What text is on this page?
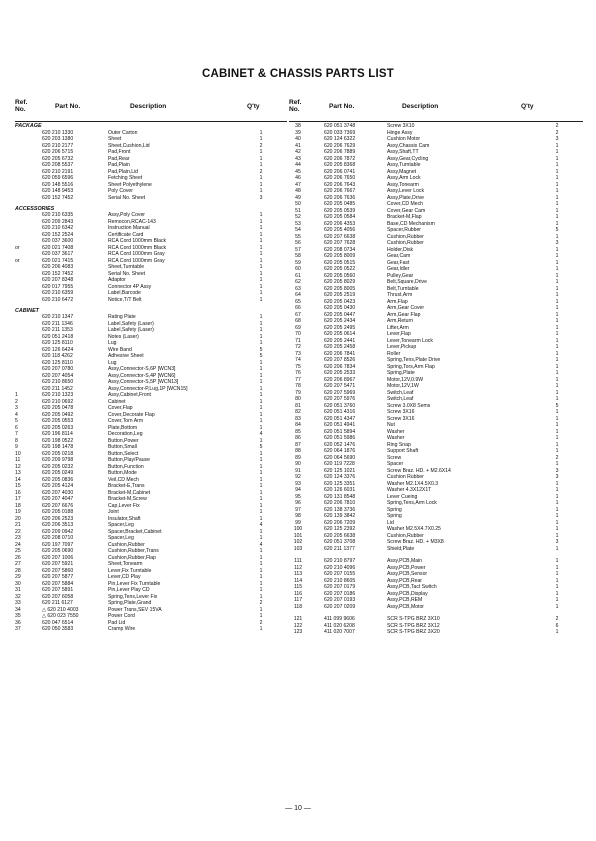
CABINET & CHASSIS PARTS LIST
Ref. No.	Part No.	Description	Q'ty
PACKAGE
620 210 1330	Outer Carton	1
620 203 1380	Sheet	1
620 210 2177	Sheet,Cushion,Lid	2
620 206 5715	Pad,Front	1
620 205 6732	Pad,Rear	1
620 208 5537	Pad,Plain	1
620 210 2191	Pad,Plain,Lid	2
620 059 6596	Fetching Sheet	1
620 148 5516	Sheet Polyethylene	1
620 148 9453	Poly Cover	1
620 152 7452	Serial No. Sheet	3
ACCESSORIES
620 210 6335	Assy,Poly Cover	1
620 209 2843	Remocon,RCAC-143	1
620 210 6342	Instruction Manual	1
620 152 2524	Certificate Card	1
620 037 3600	RCA Cord 1000mm Black	1
or	620 021 7408	RCA Cord 1000mm Black	1
620 037 3617	RCA Cord 1000mm Gray	1
or	620 021 7415	RCA Cord 1000mm Gray	1
620 206 4083	Sheet,Turntable	1
620 152 7452	Serial No. Sheet	1
620 207 8348	Adaptor	1
620 017 7955	Connector 4P Assy	1
620 210 6359	Label,Barcode	1
620 210 6472	Notice,T/T Belt	1
CABINET
620 210 1347	Rating Plate	1
620 211 1346	Label,Safety (Laser)	1
620 211 1353	Label,Safety (Laser)	1
620 051 2418	Notes (Laser)	1
620 125 8110	Lug	1
620 126 6424	Wire Band	5
620 118 4262	Adhesive Sheet	5
620 125 8110	Lug	1
620 207 0780	Assy,Connector-S,6P [WCN3]	1
620 207 4054	Assy,Connector-S,4P [WCN6]	1
620 210 8650	Assy,Connector-S,5P [WCN13]	1
620 211 1452	Assy,Connector-P,Lug,1P [WCN15]	1
1	620 210 1323	Assy,Cabinet,Front	1
2	620 210 0692	Cabinet	1
3	620 205 0478	Cover,Flap	1
4	620 205 0492	Cover,Decorate Flap	1
5	620 205 0553	Cover,Torn Arm	1
6	620 205 0263	Plate,Bottom	1
7	620 196 8114	Decoration,Leg	4
8	620 198 0522	Button,Power	1
9	620 198 1478	Button,Small	5
10	620 205 0218	Button,Select	1
11	620 209 9798	Button,Play/Pause	1
12	620 205 0232	Button,Function	1
13	620 205 0249	Button,Mode	1
14	620 205 0836	Veil,CD Mech	1
15	620 205 4124	Bracket-E,Trans	1
16	620 207 4030	Bracket-M,Cabinet	1
17	620 207 4047	Bracket-M,Screw	1
18	620 207 6676	Cap,Lever Fix	1
19	620 205 0188	Joint	1
20	620 206 2523	Insulator,Shaft	1
21	620 206 3513	Spacer,Leg	4
22	620 209 0942	Spacer,Bracket,Cabinet	1
23	620 208 0710	Spacer,Leg	1
24	620 197 7097	Cushion,Rubber	4
25	620 205 0690	Cushion,Rubber,Trans	1
26	620 207 1006	Cushion,Rubber,Flap	1
27	620 207 5921	Sheet,Tonearm	1
28	620 207 5860	Lever,Fix Turntable	1
29	620 207 5877	Lever,CD Play	1
30	620 207 5884	Pin,Lever Fix Turntable	1
31	620 207 5891	Pin,Lever Play CD	1
32	620 207 6058	Spring,Tens,Lever Fix	1
33	620 211 6127	Spring,Plate,Grand	2
34	△ 620 210 4003	Power Trans,SEV 15VA	1
35	△ 620 023 7550	Power Cord	1
36	620 047 6514	Pad Lid	2
37	620 050 3583	Cramp Wire	1
Ref. No.	Part No.	Description	Q'ty
38	620 051 3748	Screw 3X10	2
39	620 033 7369	Hinge Assy	2
40	620 124 6322	Cushion Motor	3
41	620 206 7629	Assy,Chassis Cam	1
42	620 206 7889	Assy,Shaft,TT	1
43	620 206 7872	Assy,Gear,Cycling	1
44	620 205 8368	Assy,Turntable	1
45	620 206 0741	Assy,Magnet	1
46	620 206 7650	Assy,Arm Lock	1
47	620 206 7643	Assy,Tonearm	1
48	620 206 7667	Assy,Lever Lock	1
49	620 206 7636	Assy,Plate,Drive	1
50	620 205 0485	Cover,CD Mech	1
51	620 205 0539	Cover,Gear Cam	1
52	620 205 0584	Bracket-M,Flap	1
53	620 206 4353	Base,CD Mechanism	1
54	620 205 4056	Spacer,Rubber	5
55	620 207 6638	Cushion,Rubber	1
56	620 207 7628	Cushion,Rubber	3
57	620 208 0734	Holder,Disk	1
58	620 205 8009	Gear,Cam	1
59	620 205 0515	Gear,Fast	1
60	620 205 0522	Gear,Idler	1
61	620 205 0560	Pulley,Gear	1
62	620 205 8029	Belt,Square,Drive	1
63	620 205 8005	Belt,Turntable	1
64	620 205 2519	Thrust,Arm	1
65	620 205 0423	Arm,Flap	1
66	620 205 0430	Arm,Gear Cover	1
67	620 205 0447	Arm,Gear Flap	1
68	620 205 2434	Arm,Return	1
69	620 205 2495	Lifter,Arm	1
70	620 205 0614	Lever,Flap	1
71	620 205 2441	Lever,Tonearm Lock	1
72	620 205 2458	Lever,Pickup	1
73	620 206 7841	Roller	1
74	620 207 8526	Spring,Tens,Plate Drive	1
75	620 206 7834	Spring,Tors,Arm Flap	1
76	620 205 2533	Spring,Plate	1
77	620 206 8967	Motor,12V,0.9W	1
78	620 207 5471	Motor,12V,1W	1
79	620 207 5969	Switch,Leaf	1
80	620 207 5976	Switch,Leaf	1
81	620 051 3760	Screw 3.0X8 Sems	5
82	620 051 4316	Screw 3X16	1
83	620 051 4347	Screw 3X16	1
84	620 051 4941	Nut	1
85	620 051 5894	Washer	1
86	620 051 5986	Washer	1
87	620 052 1476	Ring Snap	1
88	620 064 1876	Support Shaft	1
89	620 064 5690	Screw	2
90	620 119 7228	Spacer	1
91	620 125 1021	Screw Braz. HD. + M2.6X14	3
92	620 124 3376	Cushion Rubber	3
93	620 125 3351	Washer M2.1X4.5X0.3	1
94	620 126 6031	Washer 4.3X12X1T	1
95	620 131 8548	Lever Cueing	1
96	620 206 7810	Spring,Tens,Arm Lock	1
97	620 138 3736	Spring	1
98	620 139 3842	Spring	1
99	620 206 7209	Lid	1
100	620 125 2392	Washer M2.5X4.7X0.25	1
101	620 205 6638	Cushion,Rubber	1
102	620 051 3708	Screw Braz. HD. + M3X8	3
103	620 211 1377	Shield,Plate	1
111	620 210 8797	Assy,PCB,Main	1
112	620 210 4096	Assy,PCB,Power	1
113	620 207 0155	Assy,PCB,Sensor	1
114	620 210 8605	Assy,PCB,Rear	1
115	620 207 0179	Assy,PCB,Tact Switch	1
116	620 207 0186	Assy,PCB,Display	1
117	620 207 0193	Assy,PCB,REM	1
118	620 207 0209	Assy,PCB,Motor	1
121	411 099 9606	SCR S-TPG BRZ 3X10	2
122	411 020 6208	SCR S-TPG BRZ 3X12	6
123	411 020 7007	SCR S-TPG BRZ 3X20	1
— 10 —
